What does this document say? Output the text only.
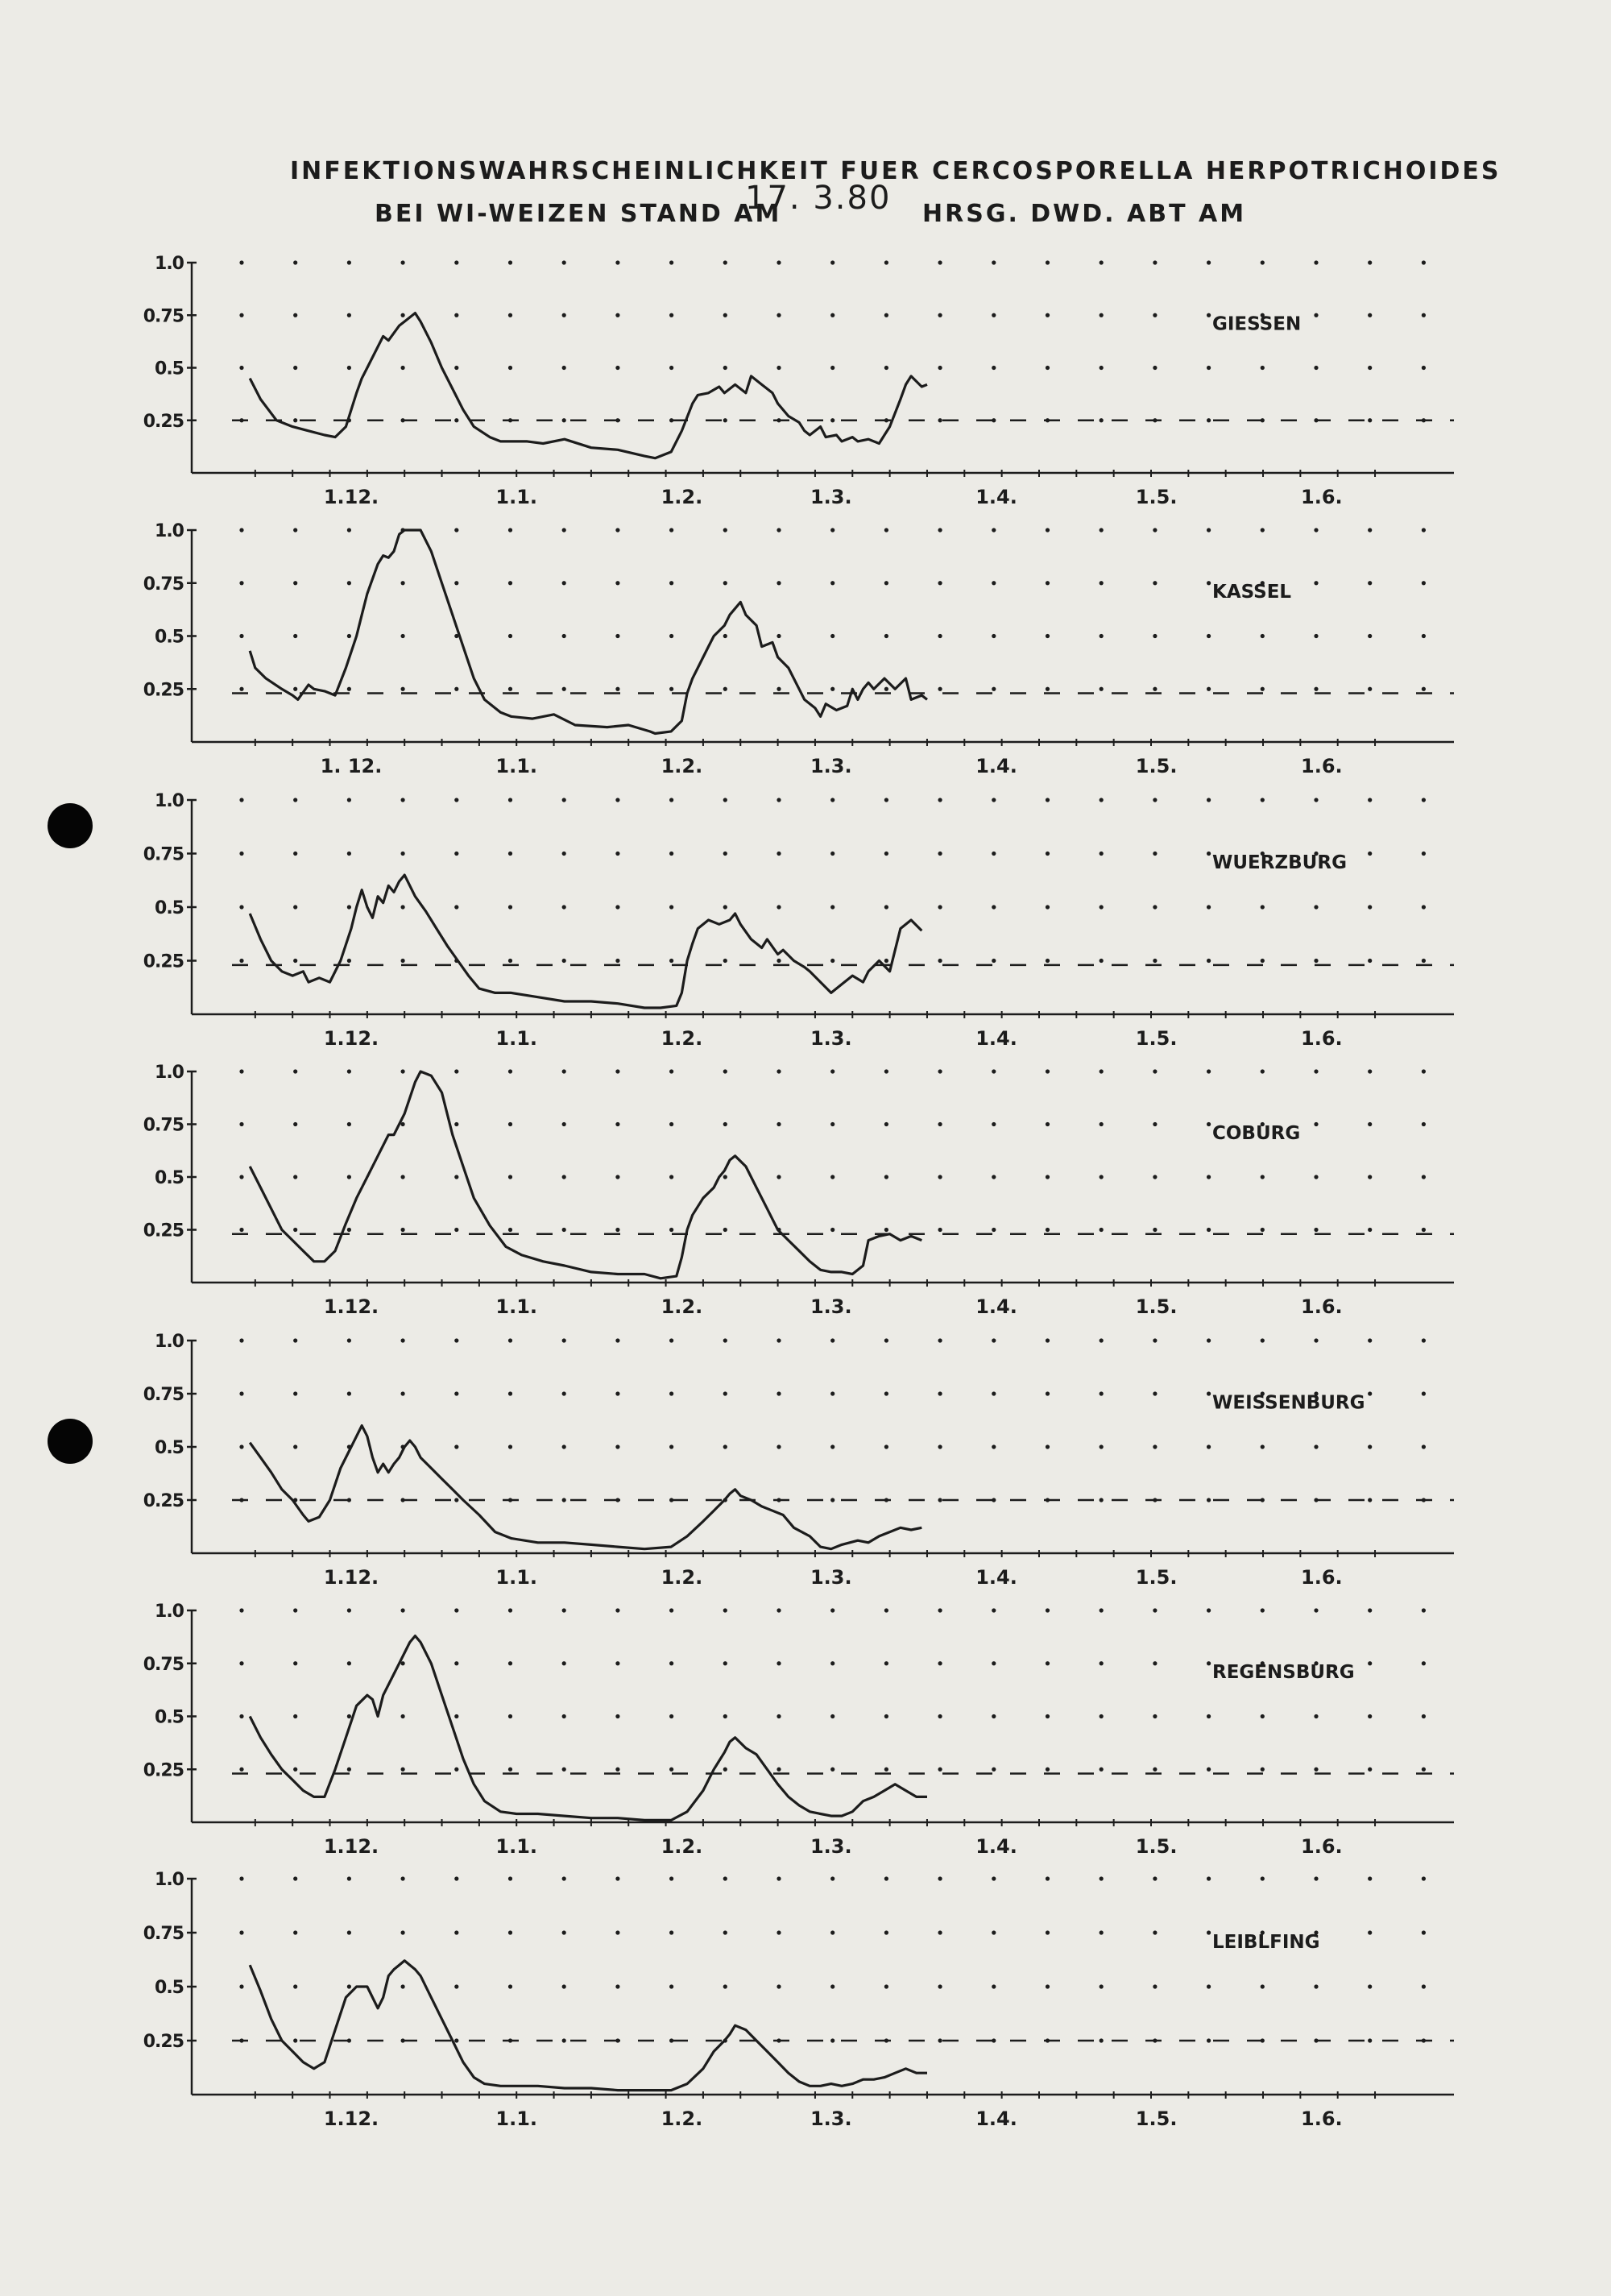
INFEKTIONSWAHRSCHEINLICHKEIT FUER CERCOSPORELLA HERPOTRICHOIDES
BEI WI-WEIZEN STAND AM
17. 3.80 HRSG. DWD. ABT AM
1.0
0.75
0.5
0.25
1.12.	1.1.	1.2.	1.3.	1.4.	1.5.	1.6.
GIESSEN
1.0
0.75
0.5
0.25
1. 12.	1.1.	1.2.	1.3.	1.4.	1.5.	1.6.
KASSEL
1.0
0.75
0.5
0.25
1.12.	1.1.	1.2.	1.3.	1.4.	1.5.	1.6.
WUERZBURG
1.0
0.75
0.5
0.25
1.12.	1.1.	1.2.	1.3.	1.4.	1.5.	1.6.
COBURG
1.0
0.75
0.5
0.25
1.12.	1.1.	1.2.	1.3.	1.4.	1.5.	1.6.
WEISSENBURG
1.0
0.75
0.5
0.25
1.12.	1.1.	1.2.	1.3.	1.4.	1.5.	1.6.
REGENSBURG
1.0
0.75
0.5
0.25
1.12.	1.1.	1.2.	1.3.	1.4.	1.5.	1.6.
LEIBLFING
